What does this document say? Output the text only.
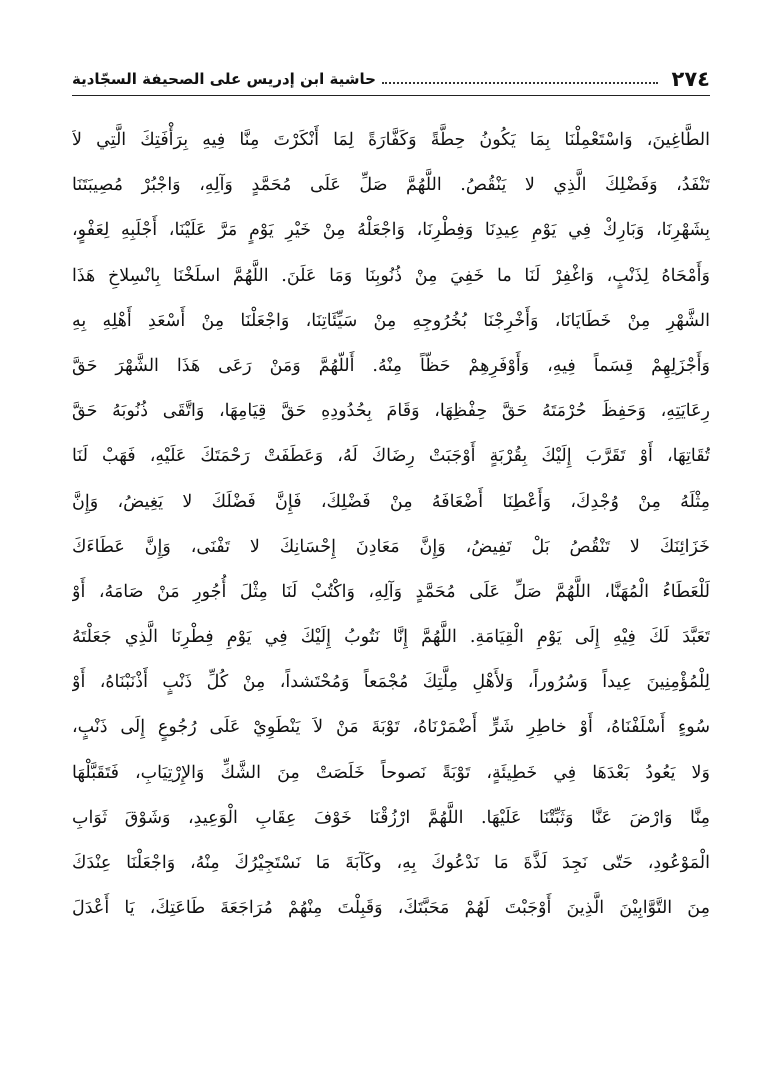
٢٧٤
حاشية ابن إدريس على الصحيفة السجّادية
الطَّاغِينَ، وَاسْتَعْمِلْنَا بِمَا يَكُونُ حِطَّةً وَكَفَّارَةً لِمَا أَنْكَرْتَ مِنَّا فِيهِ بِرَأْفَتِكَ الَّتِي لاَ
تَنْفَدُ، وَفَضْلِكَ الَّذِي لا يَنْقُصُ. اللَّهُمَّ صَلِّ عَلَى مُحَمَّدٍ وَآلِهِ، وَاجْبُرْ مُصِيبَتَنَا
بِشَهْرِنَا، وَبَارِكْ فِي يَوْمِ عِيدِنَا وَفِطْرِنَا، وَاجْعَلْهُ مِنْ خَيْرِ يَوْمٍ مَرَّ عَلَيْنَا، أَجْلَبِهِ لِعَفْوٍ،
وَأَمْحَاهُ لِذَنْبٍ، وَاغْفِرْ لَنَا ما خَفِيَ مِنْ ذُنُوبِنَا وَمَا عَلَنَ. اللَّهُمَّ اسلَخْنَا بِانْسِلاخِ هَذَا
الشَّهْرِ مِنْ خَطَايَانَا، وَأَخْرِجْنَا بُخُرُوجِهِ مِنْ سَيِّئَاتِنَا، وَاجْعَلْنَا مِنْ أَسْعَدِ أَهْلِهِ بِهِ
وَأَجْزَلِهِمْ قِسَماً فِيهِ، وَأَوْفَرِهِمْ حَظّاً مِنْهُ. أَللّهُمَّ وَمَنْ رَعَى هَذَا الشَّهْرَ حَقَّ
رِعَايَتِهِ، وَحَفِظَ حُرْمَتَهُ حَقَّ حِفْظِهَا، وَقَامَ بِحُدُودِهِ حَقَّ قِيَامِهَا، وَاتَّقَى ذُنُوبَهُ حَقَّ
تُقَاتِهَا، أَوْ تَقَرَّبَ إِلَيْكَ بِقُرْبَةٍ أَوْجَبَتْ رِضَاكَ لَهُ، وَعَطَفَتْ رَحْمَتَكَ عَلَيْهِ، فَهَبْ لَنَا
مِثْلَهُ مِنْ وُجْدِكَ، وَأَعْطِنَا أَضْعَافَهُ مِنْ فَضْلِكَ، فَإِنَّ فَضْلَكَ لا يَغِيضُ، وَإِنَّ
خَزَائِنَكَ لا تَنْقُصُ بَلْ تَفِيضُ، وَإِنَّ مَعَادِنَ إِحْسَانِكَ لا تَفْنَى، وَإِنَّ عَطَاءَكَ
لَلْعَطَاءُ الْمُهَنَّا، اللَّهُمَّ صَلِّ عَلَى مُحَمَّدٍ وَآلِهِ، وَاكْتُبْ لَنَا مِثْلَ أُجُورِ مَنْ صَامَهُ، أَوْ
تَعَبَّدَ لَكَ فِيْهِ إِلَى يَوْمِ الْقِيَامَةِ. اللَّهُمَّ إِنَّا نَتُوبُ إِلَيْكَ فِي يَوْمِ فِطْرِنَا الَّذِي جَعَلْتَهُ
لِلْمُؤْمِنِينَ عِيداً وَسُرُوراً، وَلأَهْلِ مِلَّتِكَ مُجْمَعاً وَمُحْتَشداً، مِنْ كُلِّ ذَنْبٍ أَذْنَبْنَاهُ، أَوْ
سُوءٍ أَسْلَفْنَاهُ، أَوْ خاطِرِ شَرٍّ أَضْمَرْنَاهُ، تَوْبَةَ مَنْ لاَ يَنْطَوِيْ عَلَى رُجُوعٍ إِلَى ذَنْبٍ،
وَلا يَعُودُ بَعْدَهَا فِي خَطِيئَةٍ، تَوْبَةً نَصوحاً خَلَصَتْ مِنَ الشَّكِّ وَالإِرْتِيَابِ، فَتَقَبَّلْهَا
مِنَّا وَارْضَ عَنَّا وَثَبِّتْنَا عَلَيْهَا. اللَّهُمَّ ارْزُقْنَا خَوْفَ عِقَابِ الْوَعِيدِ، وَشَوْقَ ثَوَابِ
الْمَوْعُودِ، حَتّى نَجِدَ لَذَّةَ مَا نَدْعُوكَ بِهِ، وكَآبَةَ مَا نَسْتَجِيْرُكَ مِنْهُ، وَاجْعَلْنَا عِنْدَكَ
مِنَ التَّوَّابِيْنَ الَّذِينَ أَوْجَبْتَ لَهُمْ مَحَبَّتَكَ، وَقَبِلْتَ مِنْهُمْ مُرَاجَعَةَ طَاعَتِكَ، يَا أَعْدَلَ
